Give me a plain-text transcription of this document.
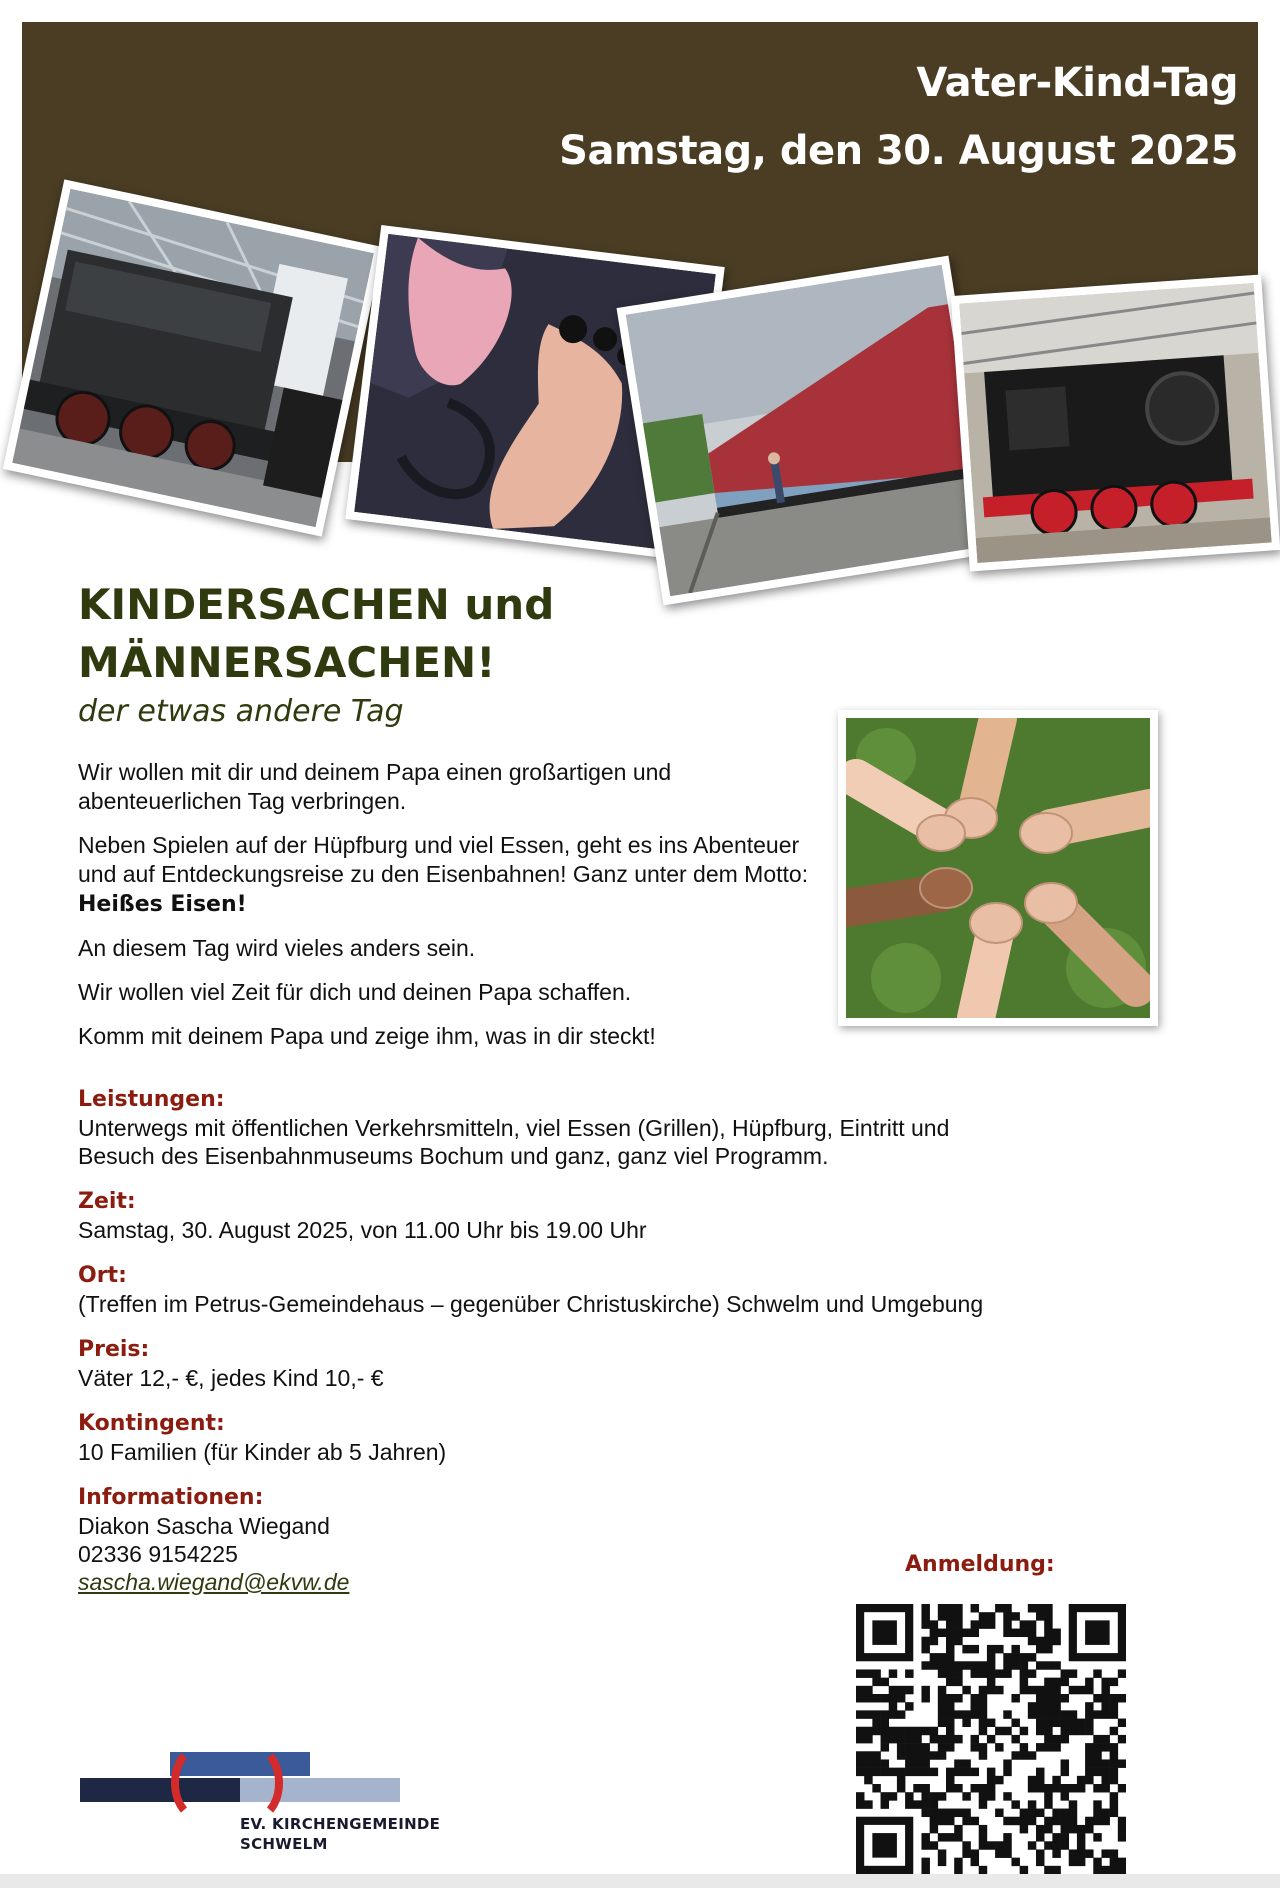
Vater-Kind-Tag
Samstag, den 30. August 2025
KINDERSACHEN und
MÄNNERSACHEN!
der etwas andere Tag

Wir wollen mit dir und deinem Papa einen großartigen und abenteuerlichen Tag verbringen.

Neben Spielen auf der Hüpfburg und viel Essen, geht es ins Abenteuer und auf Entdeckungsreise zu den Eisenbahnen! Ganz unter dem Motto: Heißes Eisen!

An diesem Tag wird vieles anders sein.

Wir wollen viel Zeit für dich und deinen Papa schaffen.

Komm mit deinem Papa und zeige ihm, was in dir steckt!

Leistungen:
Unterwegs mit öffentlichen Verkehrsmitteln, viel Essen (Grillen), Hüpfburg, Eintritt und Besuch des Eisenbahnmuseums Bochum und ganz, ganz viel Programm.
Zeit:
Samstag, 30. August 2025, von 11.00 Uhr bis 19.00 Uhr
Ort:
(Treffen im Petrus-Gemeindehaus – gegenüber Christuskirche) Schwelm und Umgebung
Preis:
Väter 12,- €, jedes Kind 10,- €
Kontingent:
10 Familien (für Kinder ab 5 Jahren)
Informationen:
Diakon Sascha Wiegand
02336 9154225
sascha.wiegand@ekvw.de
Anmeldung:
EV. KIRCHENGEMEINDE
SCHWELM
